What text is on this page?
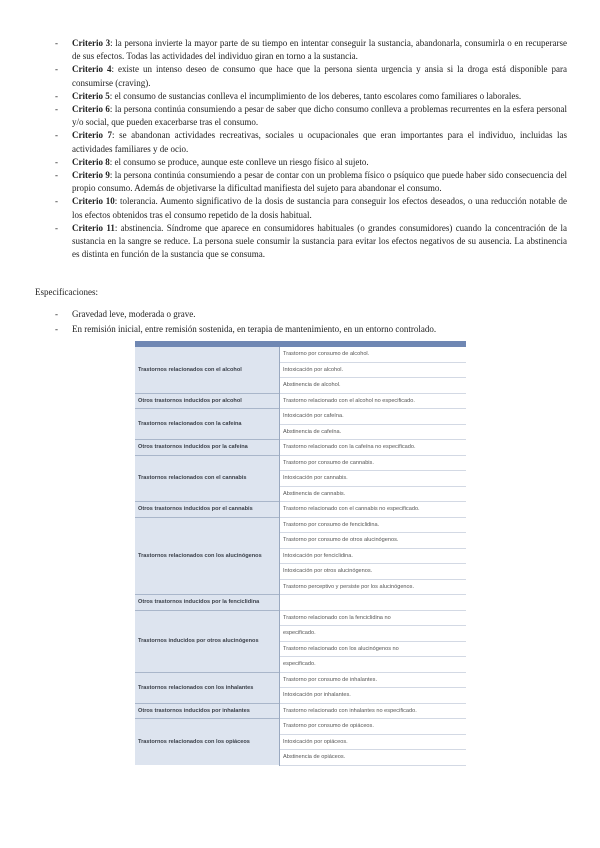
- Criterio 3: la persona invierte la mayor parte de su tiempo en intentar conseguir la sustancia, abandonarla, consumirla o en recuperarse de sus efectos. Todas las actividades del individuo giran en torno a la sustancia.
- Criterio 4: existe un intenso deseo de consumo que hace que la persona sienta urgencia y ansia si la droga está disponible para consumirse (craving).
- Criterio 5: el consumo de sustancias conlleva el incumplimiento de los deberes, tanto escolares como familiares o laborales.
- Criterio 6: la persona continúa consumiendo a pesar de saber que dicho consumo conlleva a problemas recurrentes en la esfera personal y/o social, que pueden exacerbarse tras el consumo.
- Criterio 7: se abandonan actividades recreativas, sociales u ocupacionales que eran importantes para el individuo, incluidas las actividades familiares y de ocio.
- Criterio 8: el consumo se produce, aunque este conlleve un riesgo físico al sujeto.
- Criterio 9: la persona continúa consumiendo a pesar de contar con un problema físico o psíquico que puede haber sido consecuencia del propio consumo. Además de objetivarse la dificultad manifiesta del sujeto para abandonar el consumo.
- Criterio 10: tolerancia. Aumento significativo de la dosis de sustancia para conseguir los efectos deseados, o una reducción notable de los efectos obtenidos tras el consumo repetido de la dosis habitual.
- Criterio 11: abstinencia. Síndrome que aparece en consumidores habituales (o grandes consumidores) cuando la concentración de la sustancia en la sangre se reduce. La persona suele consumir la sustancia para evitar los efectos negativos de su ausencia. La abstinencia es distinta en función de la sustancia que se consuma.
Especificaciones:
- Gravedad leve, moderada o grave.
- En remisión inicial, entre remisión sostenida, en terapia de mantenimiento, en un entorno controlado.
Trastornos relacionados con el alcohol	Trastorno por consumo de alcohol.
	Intoxicación por alcohol.
	Abstinencia de alcohol.
Otros trastornos inducidos por alcohol	Trastorno relacionado con el alcohol no especificado.
Trastornos relacionados con la cafeína	Intoxicación por cafeína.
	Abstinencia de cafeína.
Otros trastornos inducidos por la cafeína	Trastorno relacionado con la cafeína no especificado.
Trastornos relacionados con el cannabis	Trastorno por consumo de cannabis.
	Intoxicación por cannabis.
	Abstinencia de cannabis.
Otros trastornos inducidos por el cannabis	Trastorno relacionado con el cannabis no especificado.
Trastornos relacionados con los alucinógenos	Trastorno por consumo de fenciclidina.
	Trastorno por consumo de otros alucinógenos.
	Intoxicación por fenciclidina.
	Intoxicación por otros alucinógenos.
	Trastorno perceptivo y persiste por los alucinógenos.
Otros trastornos inducidos por la fenciclidina	
Trastornos inducidos por otros alucinógenos	Trastorno relacionado con la fenciclidina no
	especificado.
	Trastorno relacionado con los alucinógenos no
	especificado.
Trastornos relacionados con los inhalantes	Trastorno por consumo de inhalantes.
	Intoxicación por inhalantes.
Otros trastornos inducidos por inhalantes	Trastorno relacionado con inhalantes no especificado.
Trastornos relacionados con los opiáceos	Trastorno por consumo de opiáceos.
	Intoxicación por opiáceos.
	Abstinencia de opiáceos.
